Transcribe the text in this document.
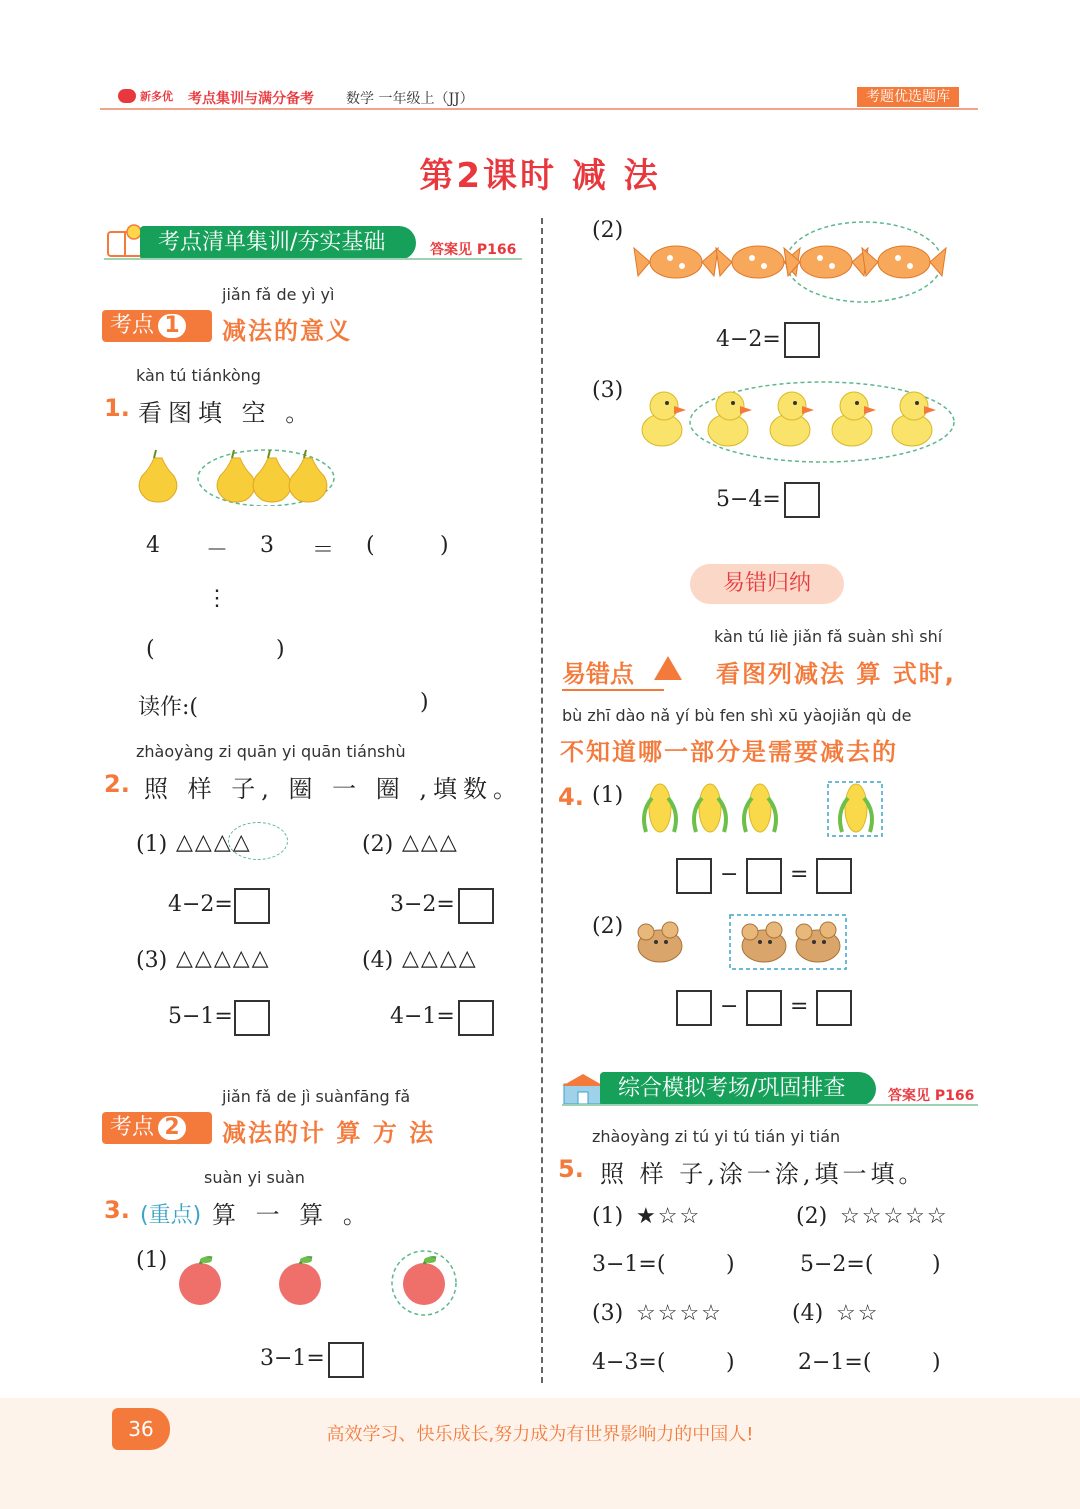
新多优 考点集训与满分备考 数学 一年级上（JJ）	考题优选题库
第2课时 减 法
考点清单集训/夯实基础	答案见 P166
jiǎn fǎ de yì yì
考点 1	减法的意义
kàn tú tiánkòng
1. 看图填 空 。
4 － 3 ＝ (	)
⋮
(	)
读作:(	)
zhàoyàng zi quān yi quān tiánshù
2. 照 样 子, 圈 一 圈 ,填数。
(1) △△△△
4−2=
(2) △△△
3−2=
(3) △△△△△
5−1=
(4) △△△△
4−1=
jiǎn fǎ de jì suànfāng fǎ
考点 2	减法的计 算 方 法
suàn yi suàn
3. (重点) 算 一 算 。
(1)
3−1=
(2)
4−2=
(3)
5−4=
易错归纳
kàn tú liè jiǎn fǎ suàn shì shí
易错点	看图列减法 算 式时,
bù zhī dào nǎ yí bù fen shì xū yàojiǎn qù de
不知道哪一部分是需要减去的
4. (1)
− =
(2)
− =
综合模拟考场/巩固排查	答案见 P166
zhàoyàng zi tú yi tú tián yi tián
5. 照 样 子,涂一涂,填一填。
(1) ★☆☆	(2) ☆☆☆☆☆
3−1=(	)	5−2=(	)
(3) ☆☆☆☆	(4) ☆☆
4−3=(	)	2−1=(	)
36	高效学习、快乐成长,努力成为有世界影响力的中国人!
